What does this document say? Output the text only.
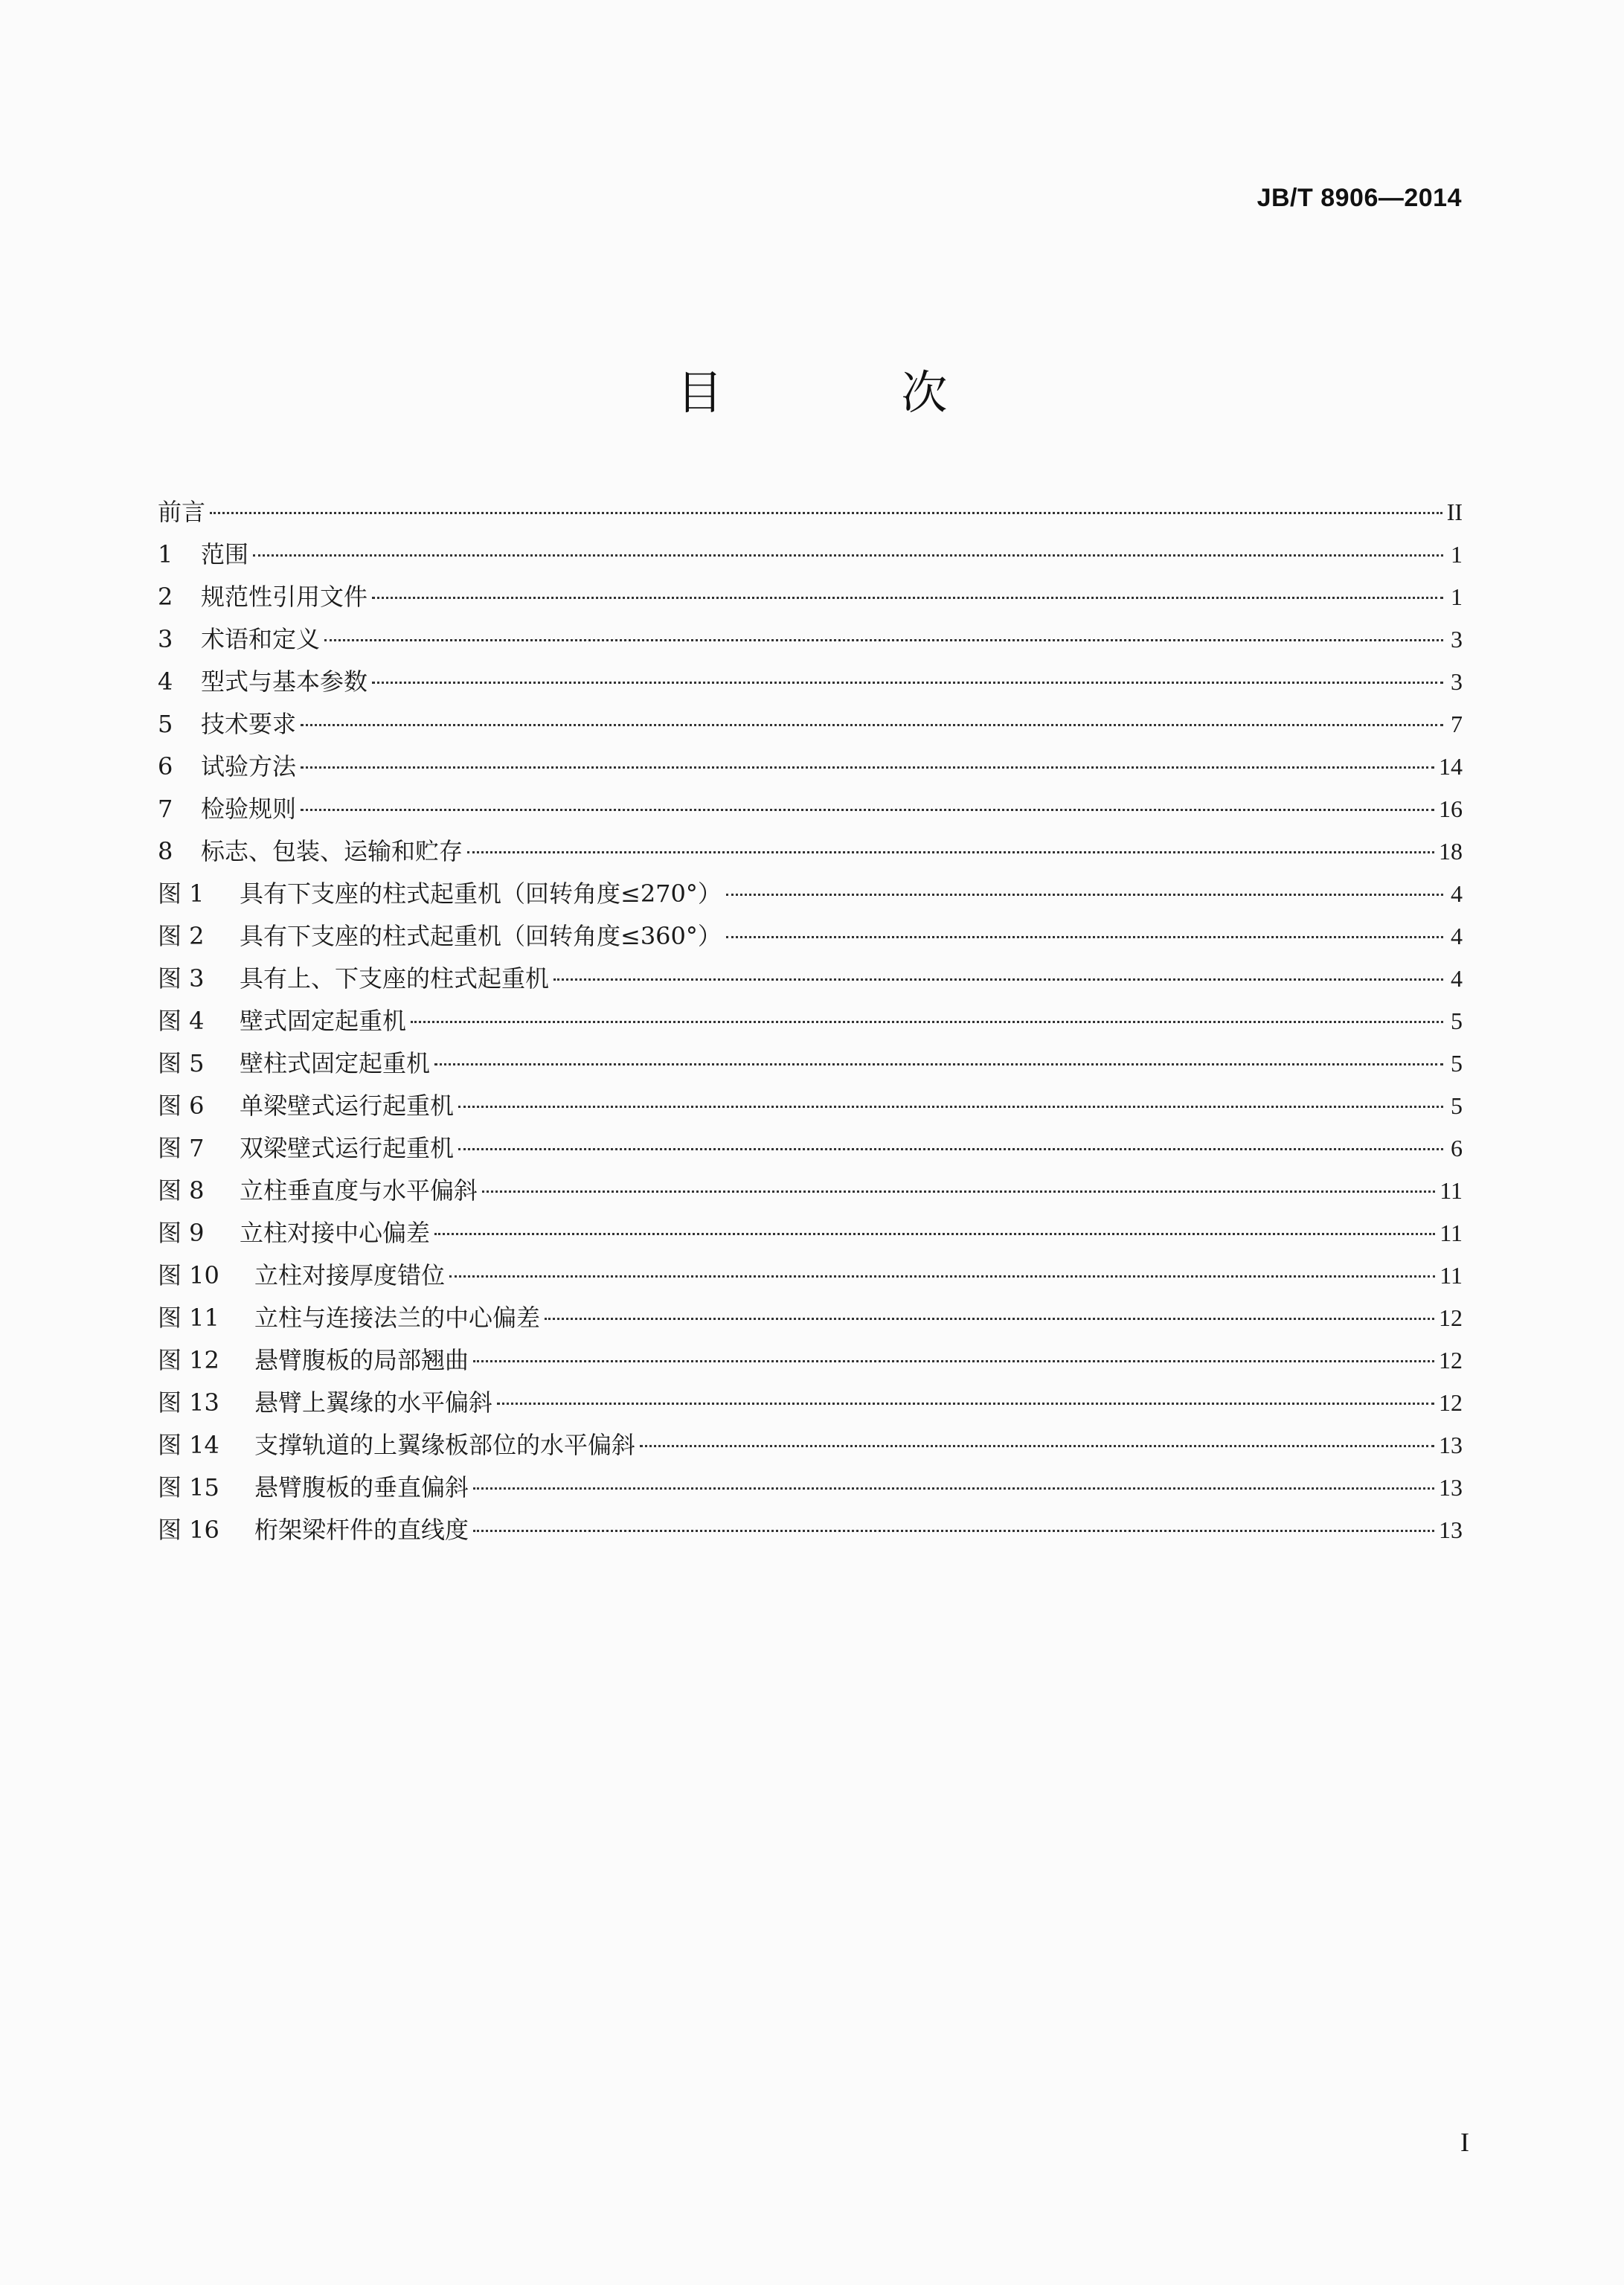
JB/T 8906—2014
目 次
前言	II
1	范围	1
2	规范性引用文件	1
3	术语和定义	3
4	型式与基本参数	3
5	技术要求	7
6	试验方法	14
7	检验规则	16
8	标志、包装、运输和贮存	18
图 1	具有下支座的柱式起重机（回转角度≤270°）	4
图 2	具有下支座的柱式起重机（回转角度≤360°）	4
图 3	具有上、下支座的柱式起重机	4
图 4	壁式固定起重机	5
图 5	壁柱式固定起重机	5
图 6	单梁壁式运行起重机	5
图 7	双梁壁式运行起重机	6
图 8	立柱垂直度与水平偏斜	11
图 9	立柱对接中心偏差	11
图 10	立柱对接厚度错位	11
图 11	立柱与连接法兰的中心偏差	12
图 12	悬臂腹板的局部翘曲	12
图 13	悬臂上翼缘的水平偏斜	12
图 14	支撑轨道的上翼缘板部位的水平偏斜	13
图 15	悬臂腹板的垂直偏斜	13
图 16	桁架梁杆件的直线度	13
I
